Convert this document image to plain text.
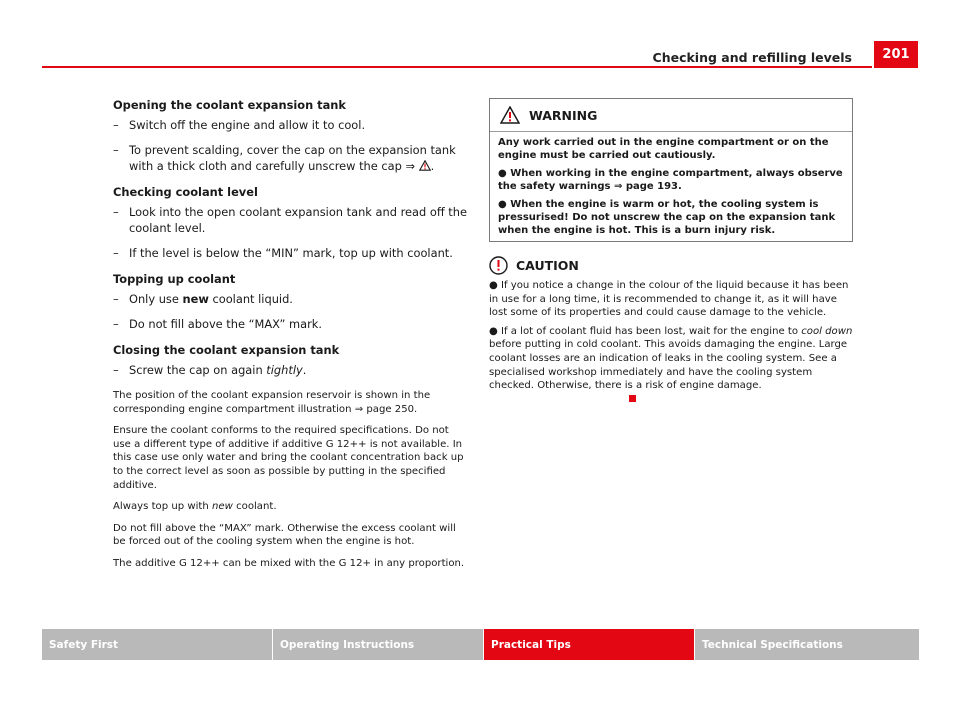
Checking and refilling levels	201
Opening the coolant expansion tank
– Switch off the engine and allow it to cool.
– To prevent scalding, cover the cap on the expansion tank with a thick cloth and carefully unscrew the cap ⇒ .
Checking coolant level
– Look into the open coolant expansion tank and read off the coolant level.
– If the level is below the “MIN” mark, top up with coolant.
Topping up coolant
– Only use new coolant liquid.
– Do not fill above the “MAX” mark.
Closing the coolant expansion tank
– Screw the cap on again tightly.

The position of the coolant expansion reservoir is shown in the corresponding engine compartment illustration ⇒ page 250.

Ensure the coolant conforms to the required specifications. Do not use a different type of additive if additive G 12++ is not available. In this case use only water and bring the coolant concentration back up to the correct level as soon as possible by putting in the specified additive.

Always top up with new coolant.

Do not fill above the “MAX” mark. Otherwise the excess coolant will be forced out of the cooling system when the engine is hot.

The additive G 12++ can be mixed with the G 12+ in any proportion.

WARNING

Any work carried out in the engine compartment or on the engine must be carried out cautiously.

● When working in the engine compartment, always observe the safety warnings ⇒ page 193.

● When the engine is warm or hot, the cooling system is pressurised! Do not unscrew the cap on the expansion tank when the engine is hot. This is a burn injury risk.

CAUTION

● If you notice a change in the colour of the liquid because it has been in use for a long time, it is recommended to change it, as it will have lost some of its properties and could cause damage to the vehicle.

● If a lot of coolant fluid has been lost, wait for the engine to cool down before putting in cold coolant. This avoids damaging the engine. Large coolant losses are an indication of leaks in the cooling system. See a specialised workshop immediately and have the cooling system checked. Otherwise, there is a risk of engine damage.

Safety First	Operating Instructions	Practical Tips	Technical Specifications
